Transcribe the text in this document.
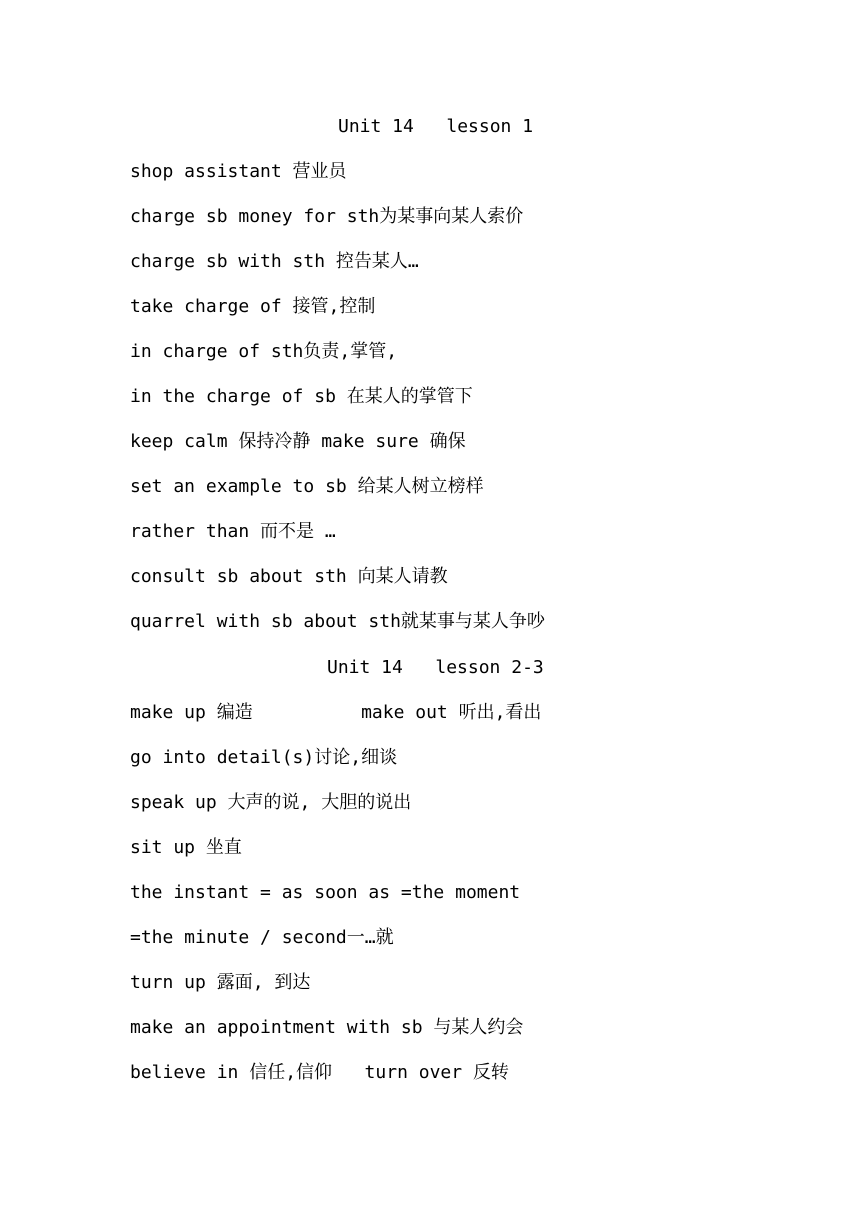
Unit 14   lesson 1
shop assistant 营业员
charge sb money for sth为某事向某人索价
charge sb with sth 控告某人…
take charge of 接管,控制
in charge of sth负责,掌管,
in the charge of sb 在某人的掌管下
keep calm 保持冷静 make sure 确保
set an example to sb 给某人树立榜样
rather than 而不是 …
consult sb about sth 向某人请教
quarrel with sb about sth就某事与某人争吵
Unit 14   lesson 2-3
make up 编造          make out 听出,看出
go into detail(s)讨论,细谈
speak up 大声的说, 大胆的说出
sit up 坐直
the instant = as soon as =the moment
=the minute / second一…就
turn up 露面, 到达
make an appointment with sb 与某人约会
believe in 信任,信仰   turn over 反转
